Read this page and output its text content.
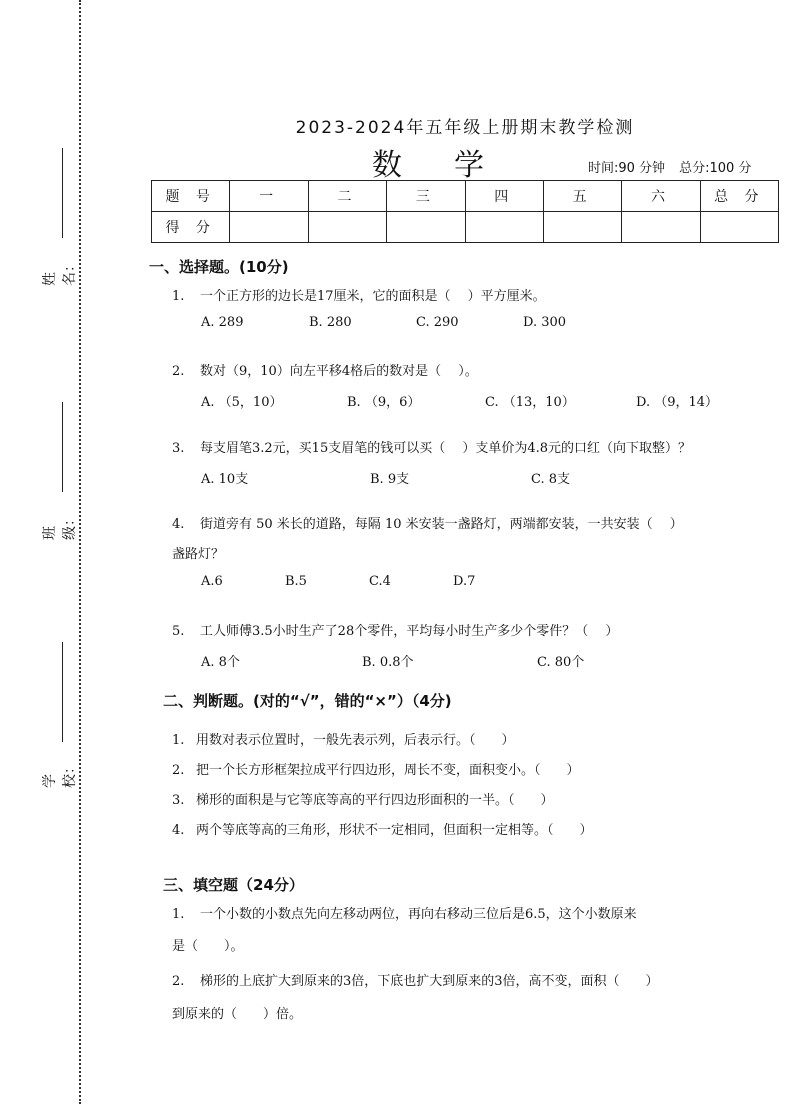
姓名：
班级：
学校：
2023-2024年五年级上册期末教学检测
数学	时间:90 分钟 总分:100 分
题 号	一	二	三	四	五	六	总 分
得 分							
一、选择题。(10分)
1. 一个正方形的边长是17厘米，它的面积是（　 ）平方厘米。
A. 289	B. 280	C. 290	D. 300
2. 数对（9，10）向左平移4格后的数对是（　 ）。
A. （5，10）	B. （9，6）	C. （13，10）	D. （9，14）
3. 每支眉笔3.2元，买15支眉笔的钱可以买（　 ）支单价为4.8元的口红（向下取整）？
A. 10支	B. 9支	C. 8支
4. 街道旁有 50 米长的道路，每隔 10 米安装一盏路灯，两端都安装，一共安装（　 ）
盏路灯？
A.6	B.5	C.4	D.7
5. 工人师傅3.5小时生产了28个零件，平均每小时生产多少个零件？（　 ）
A. 8个	B. 0.8个	C. 80个
二、判断题。(对的“√”，错的“×”）（4分)
1. 用数对表示位置时，一般先表示列，后表示行。（　　）
2. 把一个长方形框架拉成平行四边形，周长不变，面积变小。（　　）
3. 梯形的面积是与它等底等高的平行四边形面积的一半。（　　）
4. 两个等底等高的三角形，形状不一定相同，但面积一定相等。（　　）
三、填空题（24分）
1. 一个小数的小数点先向左移动两位，再向右移动三位后是6.5，这个小数原来
是（　　）。
2. 梯形的上底扩大到原来的3倍，下底也扩大到原来的3倍，高不变，面积（　　）
到原来的（　　）倍。
